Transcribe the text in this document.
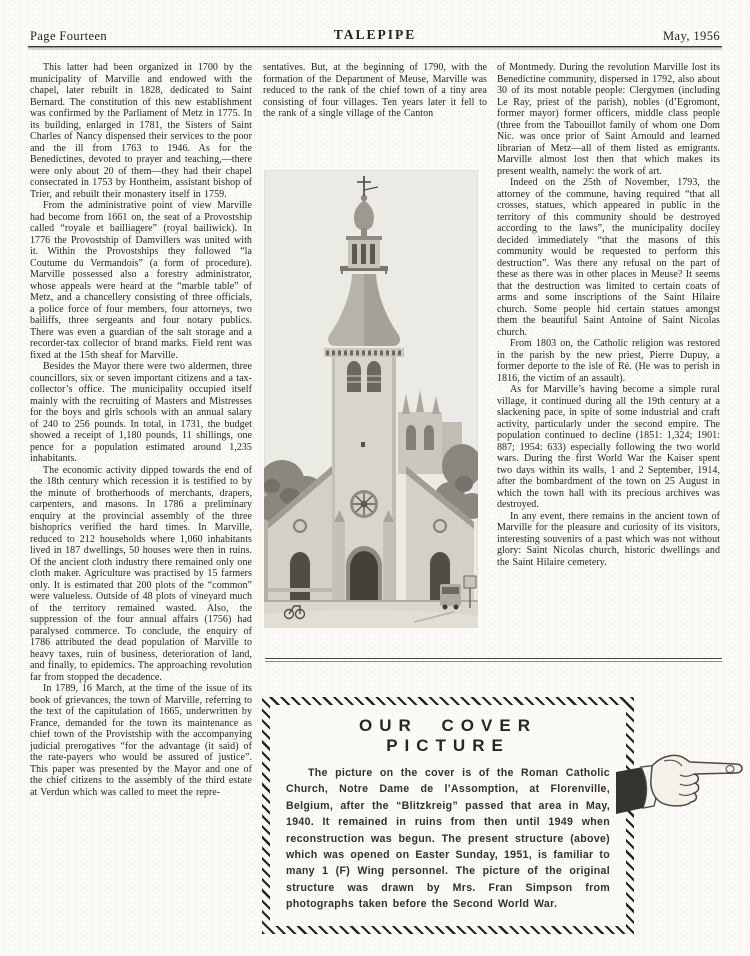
Page Fourteen	TALEPIPE	May, 1956

This latter had been organized in 1700 by the municipality of Marville and endowed with the chapel, later rebuilt in 1828, dedicated to Saint Bernard. The constitution of this new establishment was confirmed by the Parliament of Metz in 1775. In its building, enlarged in 1781, the Sisters of Saint Charles of Nancy dispensed their services to the poor and the ill from 1763 to 1946. As for the Benedictines, devoted to prayer and teaching,—there were only about 20 of them—they had their chapel consecrated in 1753 by Hontheim, assistant bishop of Trier, and rebuilt their monastery itself in 1759.

From the administrative point of view Marville had become from 1661 on, the seat of a Provostship called “royale et bailliagere” (royal bailiwick). In 1776 the Provostship of Damvillers was united with it. Within the Provostships they followed “la Coutume du Vermandois” (a form of procedure). Marville possessed also a forestry administrator, whose appeals were heard at the “marble table” of Metz, and a chancellery consisting of three officials, a police force of four members, four attorneys, two bailiffs, three sergeants and four notary publics. There was even a guardian of the salt storage and a recorder-tax collector of brand marks. Field rent was fixed at the 15th sheaf for Marville.

Besides the Mayor there were two aldermen, three councillors, six or seven important citizens and a tax-collector’s office. The municipality occupied itself mainly with the recruiting of Masters and Mistresses for the boys and girls schools with an annual salary of 240 to 256 pounds. In total, in 1731, the budget showed a receipt of 1,180 pounds, 11 shillings, one pence for a population estimated around 1,235 inhabitants.

The economic activity dipped towards the end of the 18th century which recession it is testified to by the minute of brotherhoods of merchants, drapers, carpenters, and masons. In 1786 a preliminary enquiry at the provincial assembly of the three bishoprics verified the hard times. In Marville, reduced to 212 households where 1,060 inhabitants lived in 187 dwellings, 50 houses were then in ruins. Of the ancient cloth industry there remained only one cloth maker. Agriculture was practised by 15 farmers only. It is estimated that 200 plots of the “common” were valueless. Outside of 48 plots of vineyard much of the territory remained wasted. Also, the suppression of the four annual affairs (1756) had paralysed commerce. To conclude, the enquiry of 1786 attributed the dead population of Marville to heavy taxes, ruin of business, deterioration of land, and finally, to epidemics. The approaching revolution far from stopped the decadence.

In 1789, 16 March, at the time of the issue of its book of grievances, the town of Marville, referring to the text of the capitulation of 1665, underwritten by France, demanded for the town its maintenance as chief town of the Provistship with the accompanying judicial prerogatives “for the advantage (it said) of the rate-payers who would be assured of justice”. This paper was presented by the Mayor and one of the chief citizens to the assembly of the third estate at Verdun which was called to meet the repre-

sentatives. But, at the beginning of 1790, with the formation of the Department of Meuse, Marville was reduced to the rank of the chief town of a tiny area consisting of four villages. Ten years later it fell to the rank of a single village of the Canton

of Montmedy. During the revolution Marville lost its Benedictine community, dispersed in 1792, also about 30 of its most notable people: Clergymen (including Le Ray, priest of the parish), nobles (d’Egromont, former mayor) former officers, middle class people (three from the Tabouillot family of whom one Dom Nic. was once prior of Saint Arnould and learned librarian of Metz—all of them listed as emigrants. Marville almost lost then that which makes its present wealth, namely: the work of art.

Indeed on the 25th of November, 1793, the attorney of the commune, having required “that all crosses, statues, which appeared in public in the territory of this community should be destroyed according to the laws”, the municipality dociley decided immediately “that the masons of this community would be requested to perform this destruction”. Was there any refusal on the part of these as there was in other places in Meuse? It seems that the destruction was limited to certain coats of arms and some inscriptions of the Saint Hilaire church. Some people hid certain statues amongst them the beautiful Saint Antoine of Saint Nicolas church.

From 1803 on, the Catholic religion was restored in the parish by the new priest, Pierre Dupuy, a former deporte to the isle of Ré. (He was to perish in 1816, the victim of an assault).

As for Marville’s having become a simple rural village, it continued during all the 19th century at a slackening pace, in spite of some industrial and craft activity, particularly under the second empire. The population continued to decline (1851: 1,324; 1901: 887; 1954: 633) especially following the two world wars. During the first World War the Kaiser spent two days within its walls, 1 and 2 September, 1914, after the bombardment of the town on 25 August in which the town hall with its precious archives was destroyed.

In any event, there remains in the ancient town of Marville for the pleasure and curiosity of its visitors, interesting souvenirs of a past which was not without glory: Saint Nicolas church, historic dwellings and the Saint Hilaire cemetery.

OUR COVER PICTURE
The picture on the cover is of the Roman Catholic Church, Notre Dame de l’Assomption, at Florenville, Belgium, after the “Blitzkreig” passed that area in May, 1940. It remained in ruins from then until 1949 when reconstruction was begun. The present structure (above) which was opened on Easter Sunday, 1951, is familiar to many 1 (F) Wing personnel. The picture of the original structure was drawn by Mrs. Fran Simpson from photographs taken before the Second World War.
